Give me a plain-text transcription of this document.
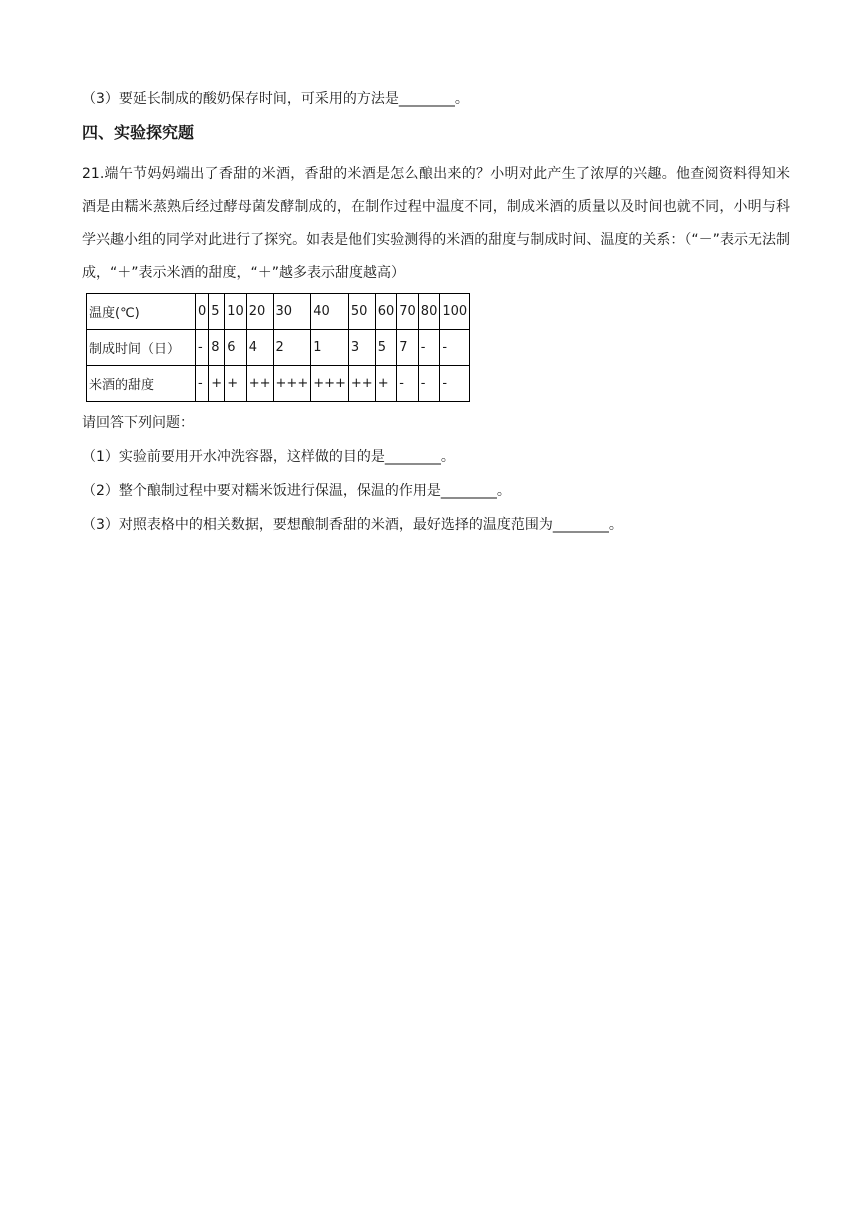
（3）要延长制成的酸奶保存时间，可采用的方法是________。
四、实验探究题
21.端午节妈妈端出了香甜的米酒，香甜的米酒是怎么酿出来的？小明对此产生了浓厚的兴趣。他查阅资料得知米酒是由糯米蒸熟后经过酵母菌发酵制成的，在制作过程中温度不同，制成米酒的质量以及时间也就不同，小明与科学兴趣小组的同学对此进行了探究。如表是他们实验测得的米酒的甜度与制成时间、温度的关系：（“－”表示无法制成，“＋”表示米酒的甜度，“＋”越多表示甜度越高）
温度(℃)	0	5	10	20	30	40	50	60	70	80	100
制成时间（日）	-	8	6	4	2	1	3	5	7	-	-
米酒的甜度	-	+	+	++	+++	+++	++	+	-	-	-
请回答下列问题：
（1）实验前要用开水冲洗容器，这样做的目的是________。
（2）整个酿制过程中要对糯米饭进行保温，保温的作用是________。
（3）对照表格中的相关数据，要想酿制香甜的米酒，最好选择的温度范围为________。
